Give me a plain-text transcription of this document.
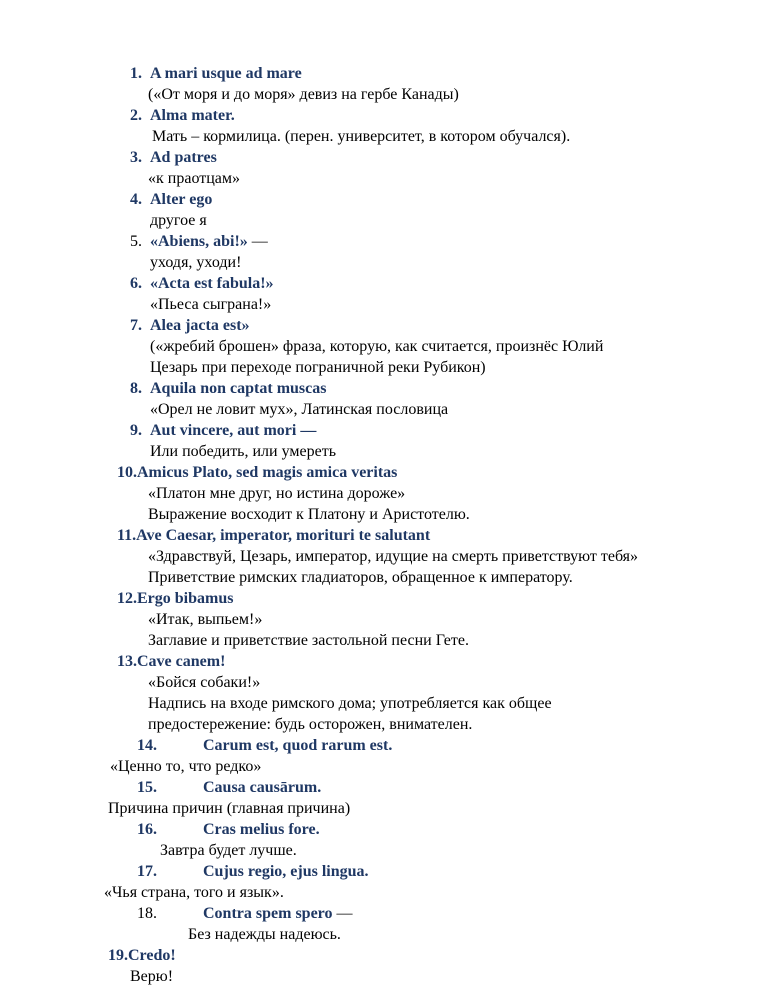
1. A mari usque ad mare
(«От моря и до моря» девиз на гербе Канады)
2. Alma mater.
Мать – кормилица. (перен. университет, в котором обучался).
3. Ad patres
«к праотцам»
4. Alter ego
другое я
5. «Abiens, abi!» —
уходя, уходи!
6. «Acta est fabula!»
«Пьеса сыграна!»
7. Alea jacta est»
(«жребий брошен» фраза, которую, как считается, произнёс Юлий
Цезарь при переходе пограничной реки Рубикон)
8. Aquila non captat muscas
«Орел не ловит мух», Латинская пословица
9. Aut vincere, aut mori —
Или победить, или умереть
10.Amicus Plato, sed magis amica veritas
«Платон мне друг, но истина дороже»
Выражение восходит к Платону и Аристотелю.
11.Ave Caesar, imperator, morituri te salutant
«Здравствуй, Цезарь, император, идущие на смерть приветствуют тебя»
Приветствие римских гладиаторов, обращенное к императору.
12.Ergo bibamus
«Итак, выпьем!»
Заглавие и приветствие застольной песни Гете.
13.Cave canem!
«Бойся собаки!»
Надпись на входе римского дома; употребляется как общее
предостережение: будь осторожен, внимателен.
14.	Carum est, quod rarum est.
«Ценно то, что редко»
15.	Causa causārum.
Причина причин (главная причина)
16.	Cras melius fore.
Завтра будет лучше.
17.	Cujus regio, ejus lingua.
«Чья страна, того и язык».
18.	Contra spem spero —
Без надежды надеюсь.
19.Credo!
Верю!
